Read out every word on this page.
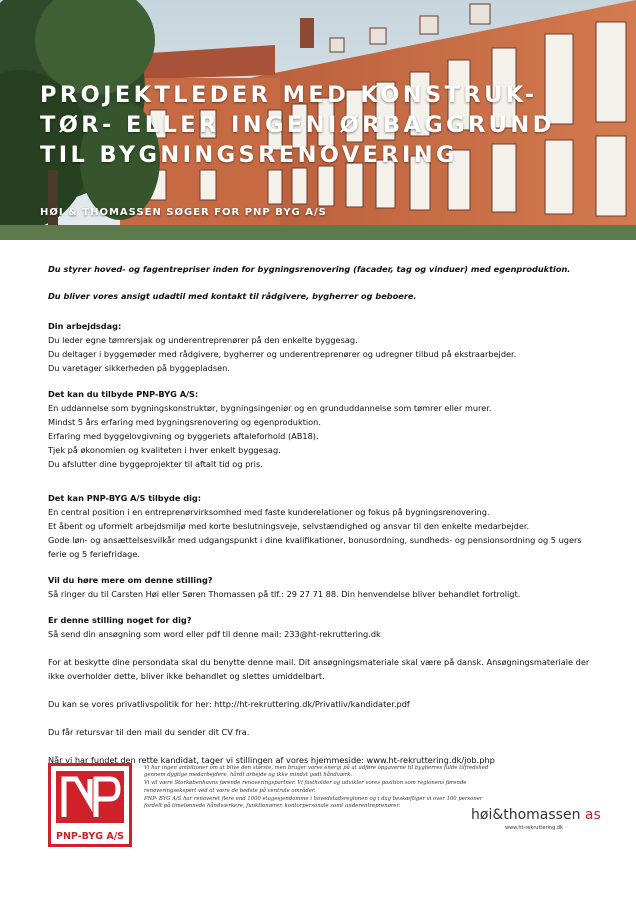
PROJEKTLEDER MED KONSTRUK-
TØR- ELLER INGENIØRBAGGRUND
TIL BYGNINGSRENOVERING
HØI & THOMASSEN SØGER FOR PNP BYG A/S

Du styrer hoved- og fagentrepriser inden for bygningsrenovering (facader, tag og vinduer) med egenproduktion.

Du bliver vores ansigt udadtil med kontakt til rådgivere, bygherrer og beboere.

Din arbejdsdag:

Du leder egne tømrersjak og underentreprenører på den enkelte byggesag.

Du deltager i byggemøder med rådgivere, bygherrer og underentreprenører og udregner tilbud på ekstraarbejder.

Du varetager sikkerheden på byggepladsen.

Det kan du tilbyde PNP-BYG A/S:

En uddannelse som bygningskonstruktør, bygningsingeniør og en grunduddannelse som tømrer eller murer.

Mindst 5 års erfaring med bygningsrenovering og egenproduktion.

Erfaring med byggelovgivning og byggeriets aftaleforhold (AB18).

Tjek på økonomien og kvaliteten i hver enkelt byggesag.

Du afslutter dine byggeprojekter til aftalt tid og pris.

Det kan PNP-BYG A/S tilbyde dig:

En central position i en entreprenørvirksomhed med faste kunderelationer og fokus på bygningsrenovering.

Et åbent og uformelt arbejdsmiljø med korte beslutningsveje, selvstændighed og ansvar til den enkelte medarbejder.

Gode løn- og ansættelsesvilkår med udgangspunkt i dine kvalifikationer, bonusordning, sundheds- og pensionsordning og 5 ugers ferie og 5 feriefridage.

Vil du høre mere om denne stilling?

Så ringer du til Carsten Høi eller Søren Thomassen på tlf.: 29 27 71 88. Din henvendelse bliver behandlet fortroligt.

Er denne stilling noget for dig?

Så send din ansøgning som word eller pdf til denne mail: 233@ht-rekruttering.dk

For at beskytte dine persondata skal du benytte denne mail. Dit ansøgningsmateriale skal være på dansk. Ansøgningsmateriale der ikke overholder dette, bliver ikke behandlet og slettes umiddelbart.

Du kan se vores privatlivspolitik for her: http://ht-rekruttering.dk/Privatliv/kandidater.pdf

Du får retursvar til den mail du sender dit CV fra.

Når vi har fundet den rette kandidat, tager vi stillingen af vores hjemmeside: www.ht-rekruttering.dk/job.php

PNP-BYG A/S

Vi har ingen ambitioner om at blive den største, men bruger vores energi på at udføre opgaverne til bygherres fulde tilfredshed gennem dygtige medarbejdere, hårdt arbejde og ikke mindst godt håndværk.

Vi vil være Storkøbenhavns førende renoveringspartner. Vi fastholder og udvikler vores position som regionens førende renoveringsekspert ved at være de bedste på centrale områder.

PNP- BYG A/S har renoveret flere end 1000 etageejendomme i hovedstadsregionen og i dag beskæftiger vi over 100 personer fordelt på timelønnede håndværkere, funktionærer, kontorpersonale samt underentreprenører.

høi&thomassen as
www.ht-rekruttering.dk
